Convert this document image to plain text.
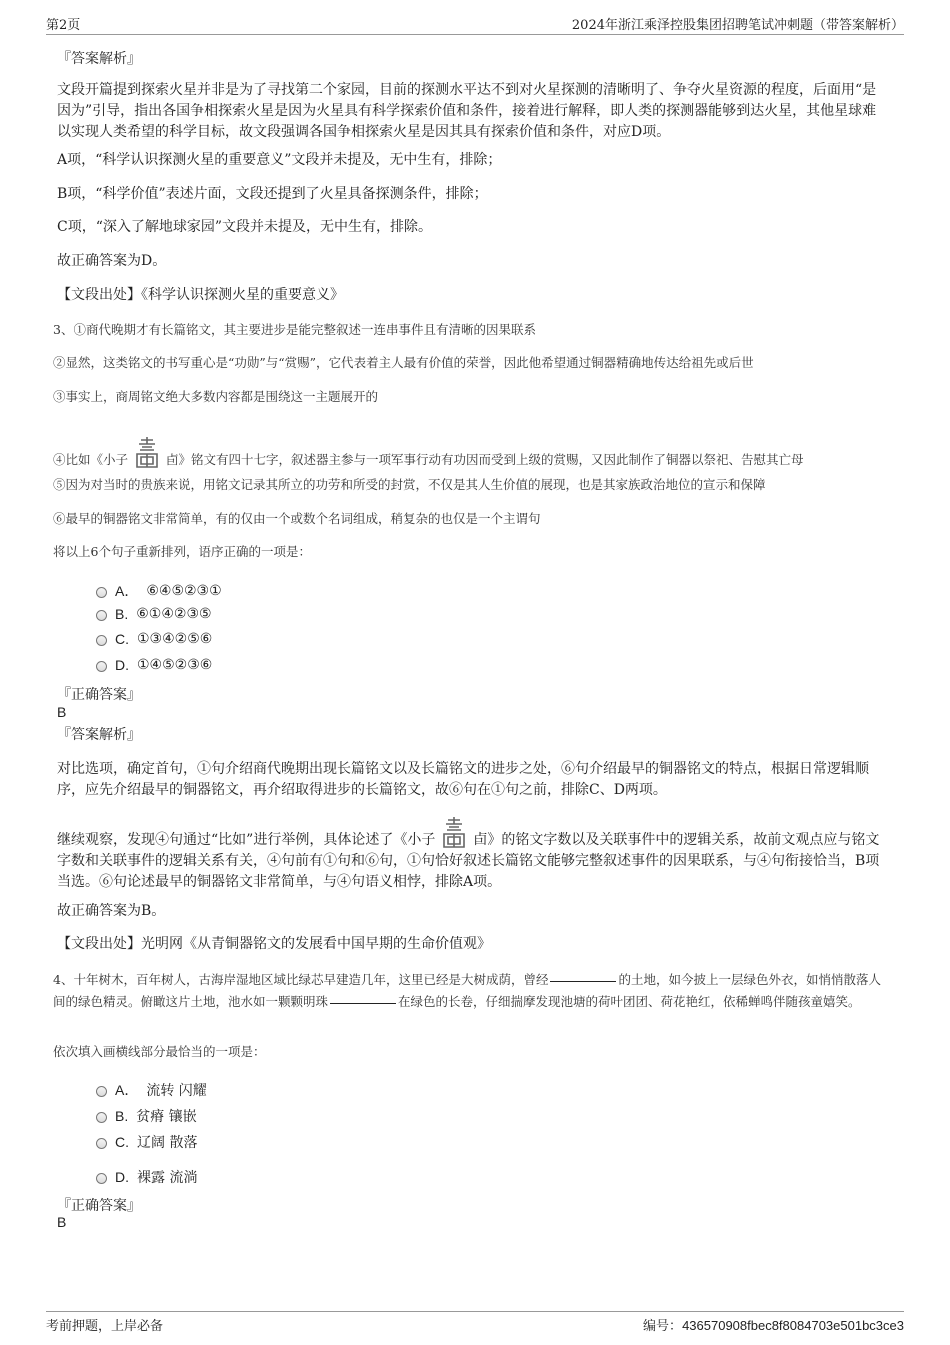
第2页	2024年浙江乘泽控股集团招聘笔试冲刺题（带答案解析）
『答案解析』
文段开篇提到探索火星并非是为了寻找第二个家园，目前的探测水平达不到对火星探测的清晰明了、争夺火星资源的程度，后面用“是因为”引导，指出各国争相探索火星是因为火星具有科学探索价值和条件，接着进行解释，即人类的探测器能够到达火星，其他星球难以实现人类希望的科学目标，故文段强调各国争相探索火星是因其具有探索价值和条件，对应D项。
A项，“科学认识探测火星的重要意义”文段并未提及，无中生有，排除；
B项，“科学价值”表述片面，文段还提到了火星具备探测条件，排除；
C项，“深入了解地球家园”文段并未提及，无中生有，排除。
故正确答案为D。
【文段出处】《科学认识探测火星的重要意义》
3、①商代晚期才有长篇铭文，其主要进步是能完整叙述一连串事件且有清晰的因果联系
②显然，这类铭文的书写重心是“功勋”与“赏赐”，它代表着主人最有价值的荣誉，因此他希望通过铜器精确地传达给祖先或后世
③事实上，商周铭文绝大多数内容都是围绕这一主题展开的
④比如《小子	卣》铭文有四十七字，叙述器主参与一项军事行动有功因而受到上级的赏赐，又因此制作了铜器以祭祀、告慰其亡母
⑤因为对当时的贵族来说，用铭文记录其所立的功劳和所受的封赏，不仅是其人生价值的展现，也是其家族政治地位的宣示和保障
⑥最早的铜器铭文非常简单，有的仅由一个或数个名词组成，稍复杂的也仅是一个主谓句
将以上6个句子重新排列，语序正确的一项是：
A． ⑥④⑤②③①
B. ⑥①④②③⑤
C. ①③④②⑤⑥
D. ①④⑤②③⑥
『正确答案』
B
『答案解析』
对比选项，确定首句，①句介绍商代晚期出现长篇铭文以及长篇铭文的进步之处，⑥句介绍最早的铜器铭文的特点，根据日常逻辑顺序，应先介绍最早的铜器铭文，再介绍取得进步的长篇铭文，故⑥句在①句之前，排除C、D两项。
继续观察，发现④句通过“比如”进行举例，具体论述了《小子	卣》的铭文字数以及关联事件中的逻辑关系，故前文观点应与铭文字数和关联事件的逻辑关系有关，④句前有①句和⑥句，①句恰好叙述长篇铭文能够完整叙述事件的因果联系，与④句衔接恰当，B项当选。⑥句论述最早的铜器铭文非常简单，与④句语义相悖，排除A项。
故正确答案为B。
【文段出处】光明网《从青铜器铭文的发展看中国早期的生命价值观》
4、十年树木，百年树人，古海岸湿地区域比绿芯早建造几年，这里已经是大树成荫，曾经	的土地，如今披上一层绿色外衣，如悄悄散落人间的绿色精灵。俯瞰这片土地，池水如一颗颗明珠	在绿色的长卷，仔细揣摩发现池塘的荷叶团团、荷花艳红，依稀蝉鸣伴随孩童嬉笑。
依次填入画横线部分最恰当的一项是：
A． 流转 闪耀
B. 贫瘠 镶嵌
C. 辽阔 散落
D. 裸露 流淌
『正确答案』
B
考前押题，上岸必备	编号：436570908fbec8f8084703e501bc3ce3
